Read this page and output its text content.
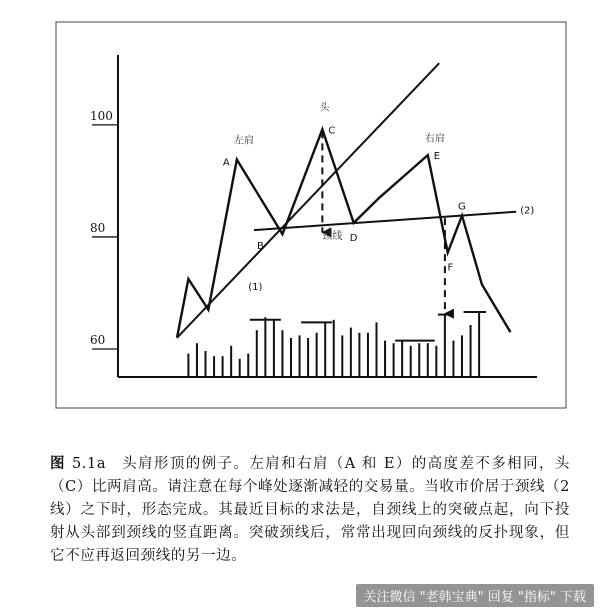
60
80
100
A
B
C
D
E
F
G
左肩
头
右肩
颈线
(1)
(2)
图 5.1a 头肩形顶的例子。左肩和右肩（A 和 E）的高度差不多相同，头（C）比两肩高。请注意在每个峰处逐渐减轻的交易量。当收市价居于颈线（2 线）之下时，形态完成。其最近目标的求法是，自颈线上的突破点起，向下投射从头部到颈线的竖直距离。突破颈线后，常常出现回向颈线的反扑现象，但它不应再返回颈线的另一边。
关注微信 "老韩宝典" 回复 "指标" 下载
